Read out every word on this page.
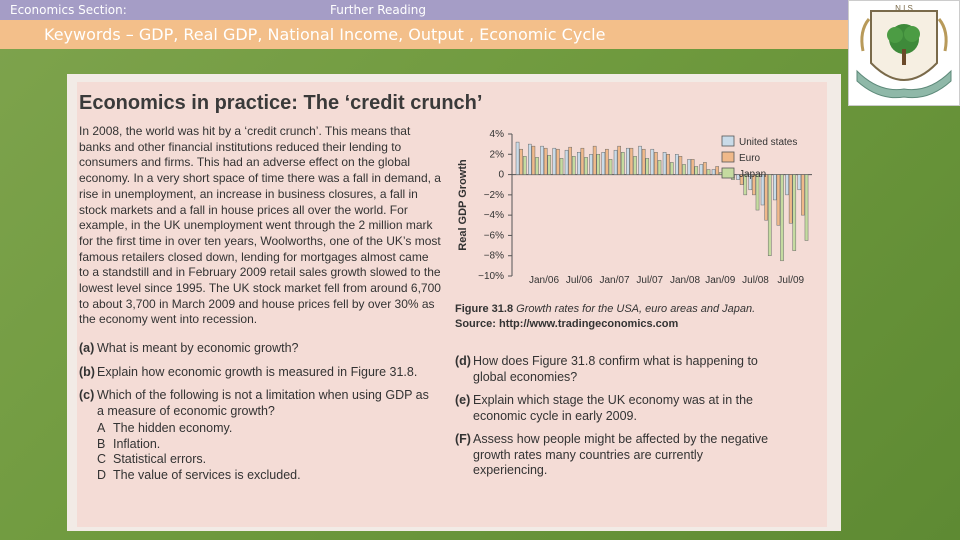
Economics Section:	Further Reading
Keywords – GDP, Real GDP, National Income, Output , Economic Cycle
N.I.S
Economics in practice: The ‘credit crunch’
In 2008, the world was hit by a ‘credit crunch’. This means that banks and other financial institutions reduced their lending to consumers and firms. This had an adverse effect on the global economy. In a very short space of time there was a fall in demand, a rise in unemployment, an increase in business closures, a fall in stock markets and a fall in house prices all over the world. For example, in the UK unemployment went through the 2 million mark for the first time in over ten years, Woolworths, one of the UK’s most famous retailers closed down, lending for mortgages almost came to a standstill and in February 2009 retail sales growth slowed to the lowest level since 1995. The UK stock market fell from around 6,700 to about 3,700 in March 2009 and house prices fell by over 30% as the economy went into recession.
Real GDP Growth
4%
2%
0
−2%
−4%
−6%
−8%
−10% Jan/06 Jul/06 Jan/07 Jul/07 Jan/08 Jan/09 Jul/08 Jul/09
United states
Euro
Japan
Figure 31.8 Growth rates for the USA, euro areas and Japan.
Source: http://www.tradingeconomics.com
(a) What is meant by economic growth?
(b) Explain how economic growth is measured in Figure 31.8.
(c) Which of the following is not a limitation when using GDP as a measure of economic growth?
A The hidden economy.
B Inflation.
C Statistical errors.
D The value of services is excluded.
(d) How does Figure 31.8 confirm what is happening to global economies?
(e) Explain which stage the UK economy was at in the economic cycle in early 2009.
(F) Assess how people might be affected by the negative growth rates many countries are currently experiencing.
